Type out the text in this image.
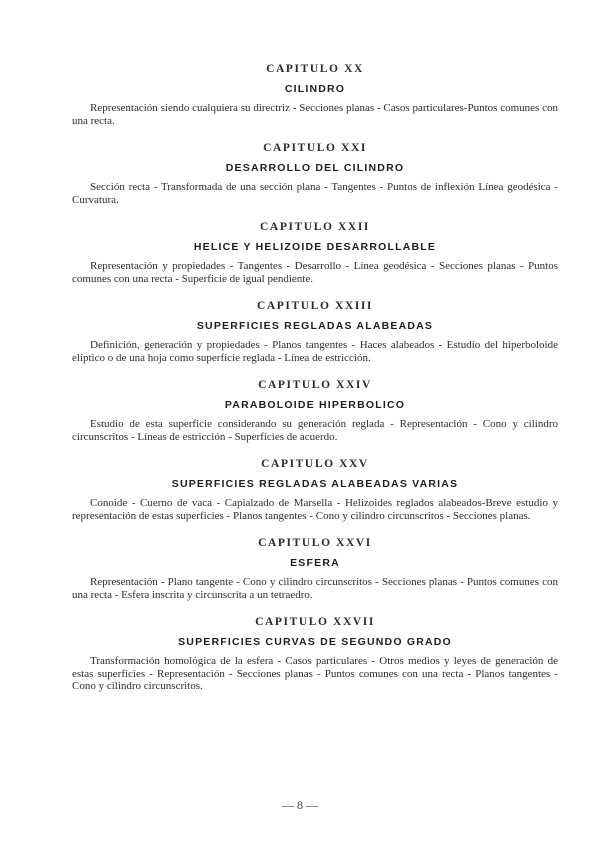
CAPITULO XX
CILINDRO

Representación siendo cualquiera su directriz - Secciones planas - Casos particulares-Puntos comunes con una recta.

CAPITULO XXI
DESARROLLO DEL CILINDRO

Sección recta - Transformada de una sección plana - Tangentes - Puntos de inflexión Línea geodésica - Curvatura.

CAPITULO XXII
HELICE Y HELIZOIDE DESARROLLABLE

Representación y propiedades - Tangentes - Desarrollo - Línea geodésica - Secciones planas - Puntos comunes con una recta - Superficie de igual pendiente.

CAPITULO XXIII
SUPERFICIES REGLADAS ALABEADAS

Definición, generación y propiedades - Planos tangentes - Haces alabeados - Estudio del hiperboloide elíptico o de una hoja como superficie reglada - Línea de estricción.

CAPITULO XXIV
PARABOLOIDE HIPERBOLICO

Estudio de esta superficie considerando su generación reglada - Representación - Cono y cilindro circunscritos - Líneas de estricción - Superficies de acuerdo.

CAPITULO XXV
SUPERFICIES REGLADAS ALABEADAS VARIAS

Conoide - Cuerno de vaca - Capialzado de Marsella - Helizoides reglados alabeados-Breve estudio y representación de estas superficies - Planos tangentes - Cono y cilindro circunscritos - Secciones planas.

CAPITULO XXVI
ESFERA

Representación - Plano tangente - Cono y cilindro circunscritos - Secciones planas - Puntos comunes con una recta - Esfera inscrita y circunscrita a un tetraedro.

CAPITULO XXVII
SUPERFICIES CURVAS DE SEGUNDO GRADO

Transformación homológica de la esfera - Casos particulares - Otros medios y leyes de generación de estas superficies - Representación - Secciones planas - Puntos comunes con una recta - Planos tangentes - Cono y cilindro circunscritos.

— 8 —
